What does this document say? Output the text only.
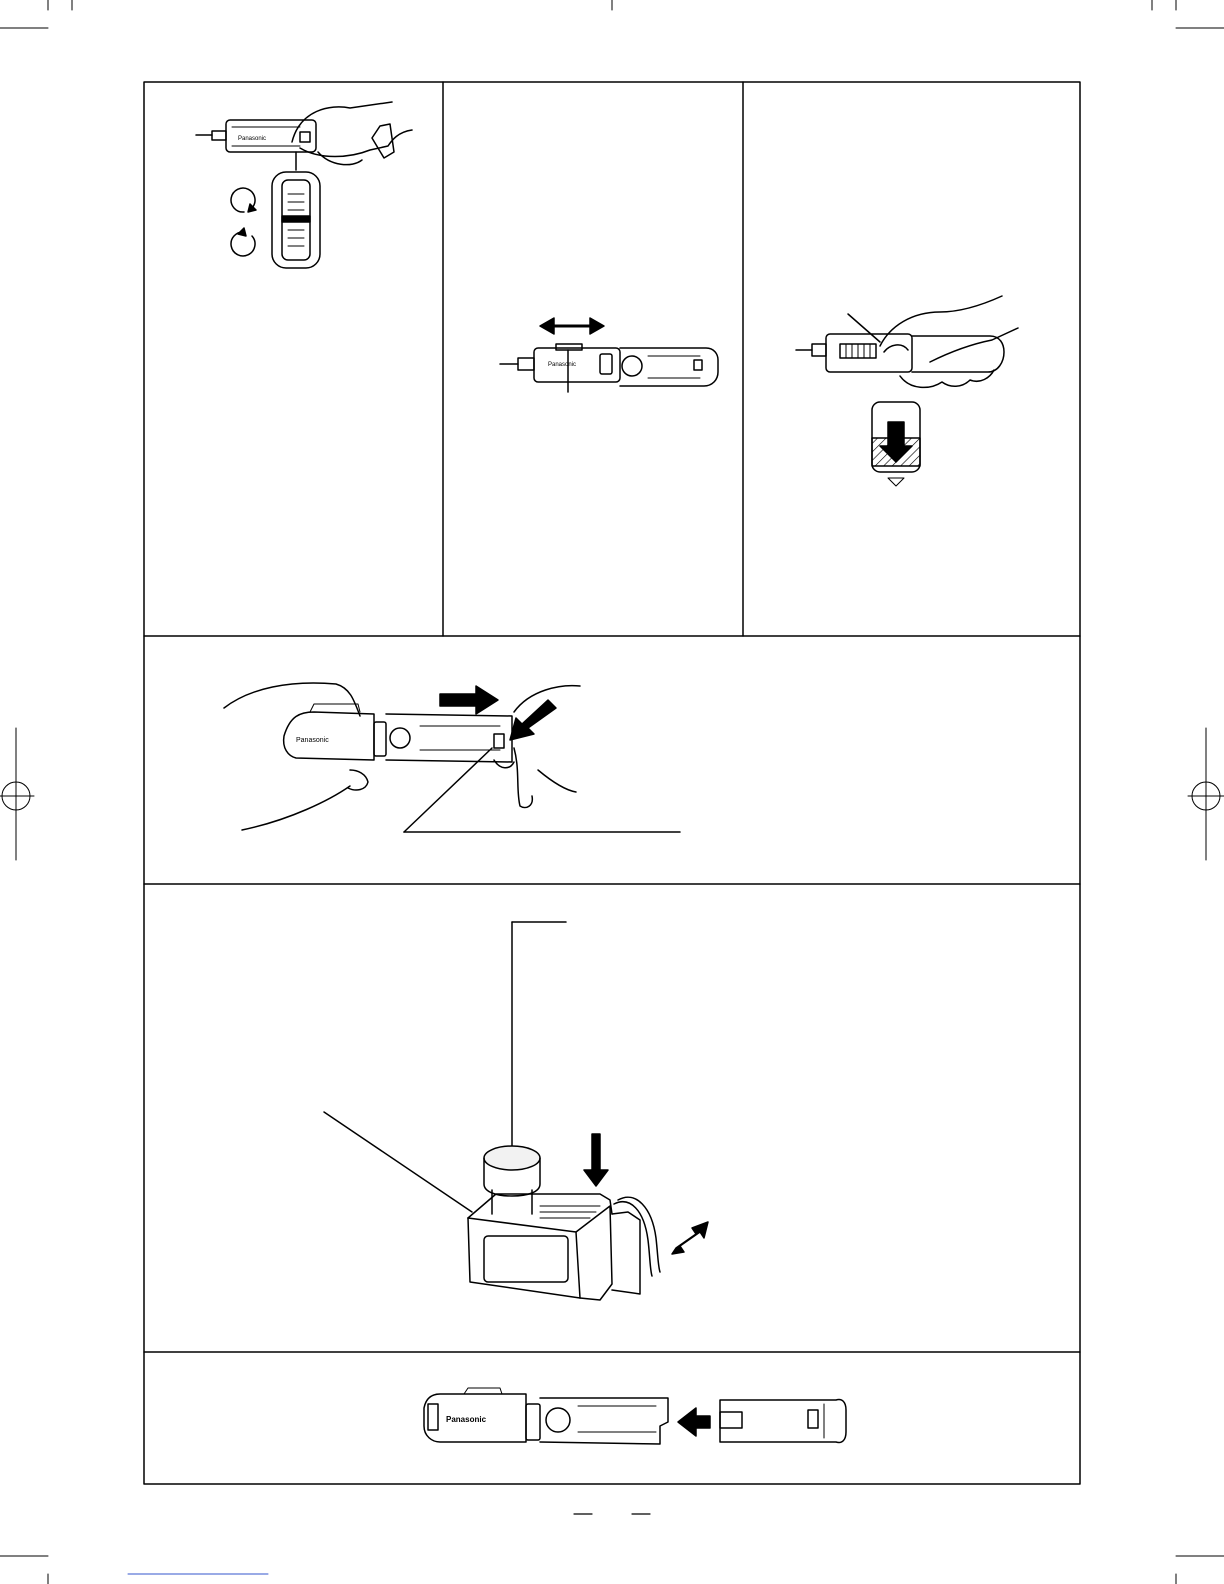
Panasonic
Panasonic
Panasonic
Panasonic
